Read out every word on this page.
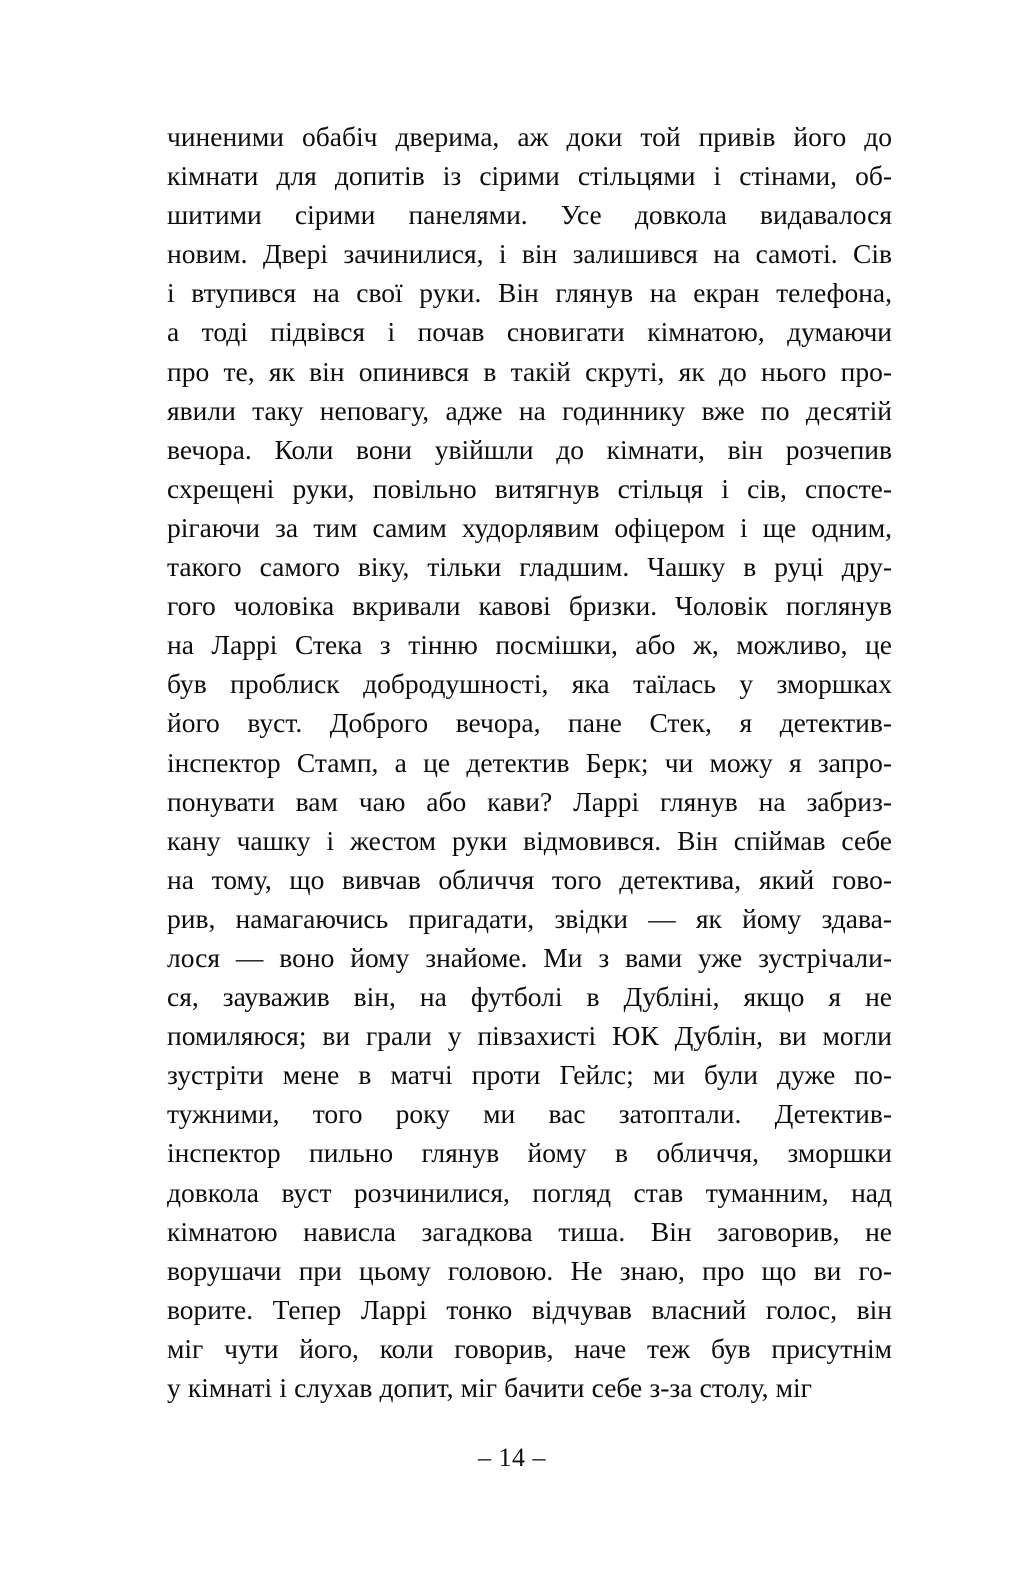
чиненими обабіч дверима, аж доки той привів його до
кімнати для допитів із сірими стільцями і стінами, об-
шитими сірими панелями. Усе довкола видавалося
новим. Двері зачинилися, і він залишився на самоті. Сів
і втупився на свої руки. Він глянув на екран телефона,
а тоді підвівся і почав сновигати кімнатою, думаючи
про те, як він опинився в такій скруті, як до нього про-
явили таку неповагу, адже на годиннику вже по десятій
вечора. Коли вони увійшли до кімнати, він розчепив
схрещені руки, повільно витягнув стільця і сів, спосте-
рігаючи за тим самим худорлявим офіцером і ще одним,
такого самого віку, тільки гладшим. Чашку в руці дру-
гого чоловіка вкривали кавові бризки. Чоловік поглянув
на Ларрі Стека з тінню посмішки, або ж, можливо, це
був проблиск добродушності, яка таїлась у зморшках
його вуст. Доброго вечора, пане Стек, я детектив-
інспектор Стамп, а це детектив Берк; чи можу я запро-
понувати вам чаю або кави? Ларрі глянув на забриз-
кану чашку і жестом руки відмовився. Він спіймав себе
на тому, що вивчав обличчя того детектива, який гово-
рив, намагаючись пригадати, звідки — як йому здава-
лося — воно йому знайоме. Ми з вами уже зустрічали-
ся, зауважив він, на футболі в Дубліні, якщо я не
помиляюся; ви грали у півзахисті ЮК Дублін, ви могли
зустріти мене в матчі проти Гейлс; ми були дуже по-
тужними, того року ми вас затоптали. Детектив-
інспектор пильно глянув йому в обличчя, зморшки
довкола вуст розчинилися, погляд став туманним, над
кімнатою нависла загадкова тиша. Він заговорив, не
ворушачи при цьому головою. Не знаю, про що ви го-
ворите. Тепер Ларрі тонко відчував власний голос, він
міг чути його, коли говорив, наче теж був присутнім
у кімнаті і слухав допит, міг бачити себе з-за столу, міг

– 14 –
